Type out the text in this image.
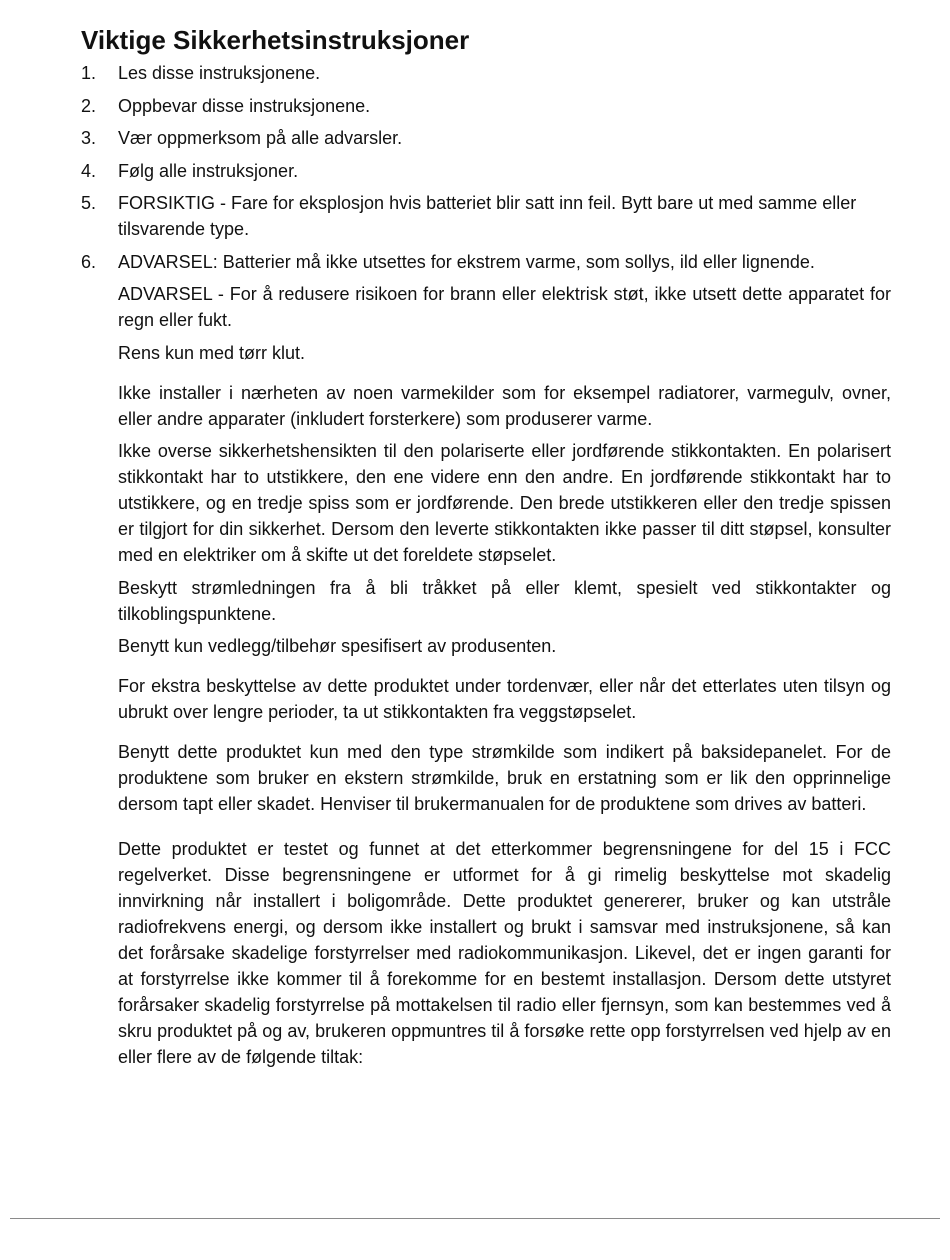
Viktige Sikkerhetsinstruksjoner
1.	Les disse instruksjonene.
2.	Oppbevar disse instruksjonene.
3.	Vær oppmerksom på alle advarsler.
4.	Følg alle instruksjoner.
5.	FORSIKTIG - Fare for eksplosjon hvis batteriet blir satt inn feil. Bytt bare ut med samme eller tilsvarende type.
6.	ADVARSEL: Batterier må ikke utsettes for ekstrem varme, som sollys, ild eller lignende.

ADVARSEL - For å redusere risikoen for brann eller elektrisk støt, ikke utsett dette apparatet for regn eller fukt.

Rens kun med tørr klut.

Ikke installer i nærheten av noen varmekilder som for eksempel radiatorer, varmegulv, ovner, eller andre apparater (inkludert forsterkere) som produserer varme.

Ikke overse sikkerhetshensikten til den polariserte eller jordførende stikkontakten. En polarisert stikkontakt har to utstikkere, den ene videre enn den andre. En jordførende stikkontakt har to utstikkere, og en tredje spiss som er jordførende. Den brede utstikkeren eller den tredje spissen er tilgjort for din sikkerhet. Dersom den leverte stikkontakten ikke passer til ditt støpsel, konsulter med en elektriker om å skifte ut det foreldete støpselet.

Beskytt strømledningen fra å bli tråkket på eller klemt, spesielt ved stikkontakter og tilkoblingspunktene.

Benytt kun vedlegg/tilbehør spesifisert av produsenten.

For ekstra beskyttelse av dette produktet under tordenvær, eller når det etterlates uten tilsyn og ubrukt over lengre perioder, ta ut stikkontakten fra veggstøpselet.

Benytt dette produktet kun med den type strømkilde som indikert på baksidepanelet. For de produktene som bruker en ekstern strømkilde, bruk en erstatning som er lik den opprinnelige dersom tapt eller skadet. Henviser til brukermanualen for de produktene som drives av batteri.

Dette produktet er testet og funnet at det etterkommer begrensningene for del 15 i FCC regelverket. Disse begrensningene er utformet for å gi rimelig beskyttelse mot skadelig innvirkning når installert i boligområde. Dette produktet genererer, bruker og kan utstråle radiofrekvens energi, og dersom ikke installert og brukt i samsvar med instruksjonene, så kan det forårsake skadelige forstyrrelser med radiokommunikasjon. Likevel, det er ingen garanti for at forstyrrelse ikke kommer til å forekomme for en bestemt installasjon. Dersom dette utstyret forårsaker skadelig forstyrrelse på mottakelsen til radio eller fjernsyn, som kan bestemmes ved å skru produktet på og av, brukeren oppmuntres til å forsøke rette opp forstyrrelsen ved hjelp av en eller flere av de følgende tiltak:
